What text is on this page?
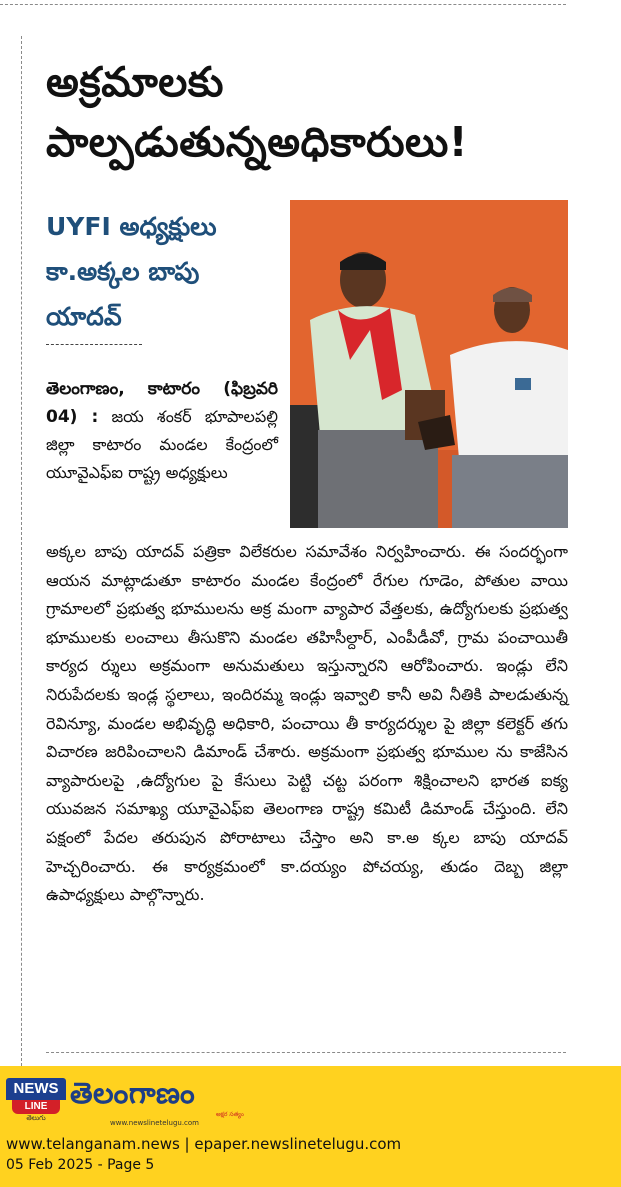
అక్రమాలకు పాల్పడుతున్నఅధికారులు!
UYFI అధ్యక్షులు కా.అక్కల బాపు యాదవ్

తెలంగాణం, కాటారం (ఫిబ్రవరి 04) : జయ శంకర్ భూపాలపల్లి జిల్లా కాటారం మండల కేంద్రంలో యూవైఎఫ్ఐ రాష్ట్ర అధ్యక్షులు

అక్కల బాపు యాదవ్ పత్రికా విలేకరుల సమావేశం నిర్వహించారు. ఈ సందర్భంగా ఆయన మాట్లాడుతూ కాటారం మండల కేంద్రంలో రేగుల గూడెం, పోతుల వాయి గ్రామాలలో ప్రభుత్వ భూములను అక్ర మంగా వ్యాపార వేత్తలకు, ఉద్యోగులకు ప్రభుత్వ భూములకు లంచాలు తీసుకొని మండల తహిసీల్దార్, ఎంపీడీవో, గ్రామ పంచాయితీ కార్యద ర్శులు అక్రమంగా అనుమతులు ఇస్తున్నారని ఆరోపించారు. ఇండ్లు లేని నిరుపేదలకు ఇండ్ల స్థలాలు, ఇందిరమ్మ ఇండ్లు ఇవ్వాలి కానీ అవి నీతికి పాలడుతున్న రెవిన్యూ, మండల అభివృద్ధి అధికారి, పంచాయి తీ కార్యదర్శుల పై జిల్లా కలెక్టర్ తగు విచారణ జరిపించాలని డిమాండ్ చేశారు. అక్రమంగా ప్రభుత్వ భూముల ను కాజేసిన వ్యాపారులపై ,ఉద్యోగుల పై కేసులు పెట్టి చట్ట పరంగా శిక్షించాలని భారత ఐక్య యువజన సమాఖ్య యూవైఎఫ్ఐ తెలంగాణ రాష్ట్ర కమిటీ డిమాండ్ చేస్తుంది. లేని పక్షంలో పేదల తరుపున పోరాటాలు చేస్తాం అని కా.అ క్కల బాపు యాదవ్ హెచ్చరించారు. ఈ కార్యక్రమంలో కా.దయ్యం పోచయ్య, తుడం దెబ్బ జిల్లా ఉపాధ్యక్షులు పాల్గొన్నారు.

NEWS
LINE
తెలుగు
తెలంగాణం
అక్షర సత్యం
www.newslinetelugu.com
www.telanganam.news | epaper.newslinetelugu.com
05 Feb 2025 - Page 5
